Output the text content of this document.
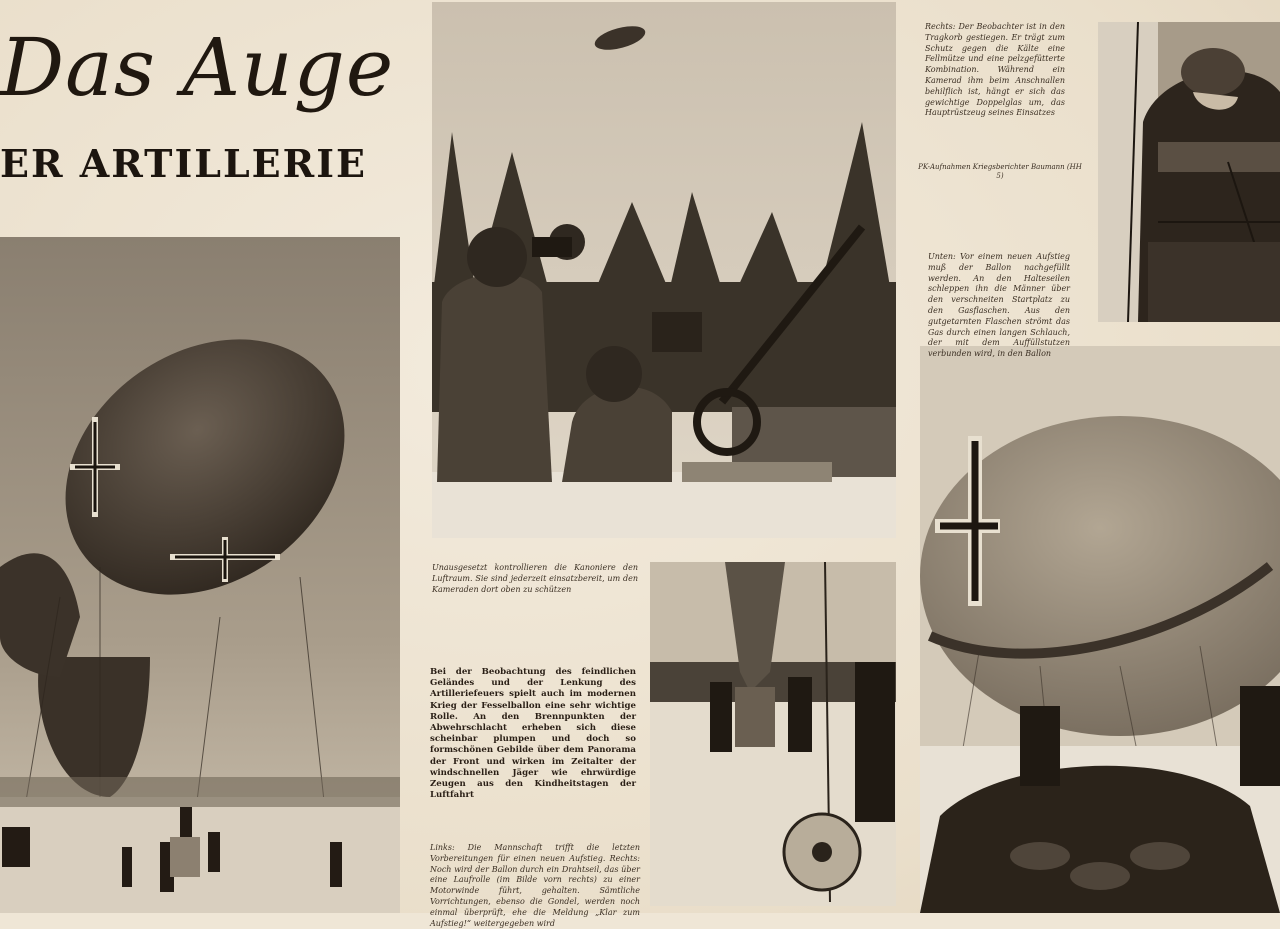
Das Auge
ER ARTILLERIE
Rechts: Der Beobachter ist in den Tragkorb gestiegen. Er trägt zum Schutz gegen die Kälte eine Fellmütze und eine pelzgefütterte Kombination. Während ein Kamerad ihm beim Anschnallen behilflich ist, hängt er sich das gewichtige Doppelglas um, das Hauptrüstzeug seines Einsatzes
PK-Aufnahmen Kriegsberichter Baumann (HH 5)
Unten: Vor einem neuen Aufstieg muß der Ballon nachgefüllt werden. An den Halteseilen schleppen ihn die Männer über den verschneiten Startplatz zu den Gasflaschen. Aus den gutgetarnten Flaschen strömt das Gas durch einen langen Schlauch, der mit dem Auffüllstutzen verbunden wird, in den Ballon
Unausgesetzt kontrollieren die Kanoniere den Luftraum. Sie sind jederzeit einsatzbereit, um den Kameraden dort oben zu schützen
Bei der Beobachtung des feindlichen Geländes und der Lenkung des Artilleriefeuers spielt auch im modernen Krieg der Fesselballon eine sehr wichtige Rolle. An den Brennpunkten der Abwehrschlacht erheben sich diese scheinbar plumpen und doch so formschönen Gebilde über dem Panorama der Front und wirken im Zeitalter der windschnellen Jäger wie ehrwürdige Zeugen aus den Kindheitstagen der Luftfahrt
Links: Die Mannschaft trifft die letzten Vorbereitungen für einen neuen Aufstieg. Rechts: Noch wird der Ballon durch ein Drahtseil, das über eine Laufrolle (im Bilde vorn rechts) zu einer Motorwinde führt, gehalten. Sämtliche Vorrichtungen, ebenso die Gondel, werden noch einmal überprüft, ehe die Meldung „Klar zum Aufstieg!“ weitergegeben wird
